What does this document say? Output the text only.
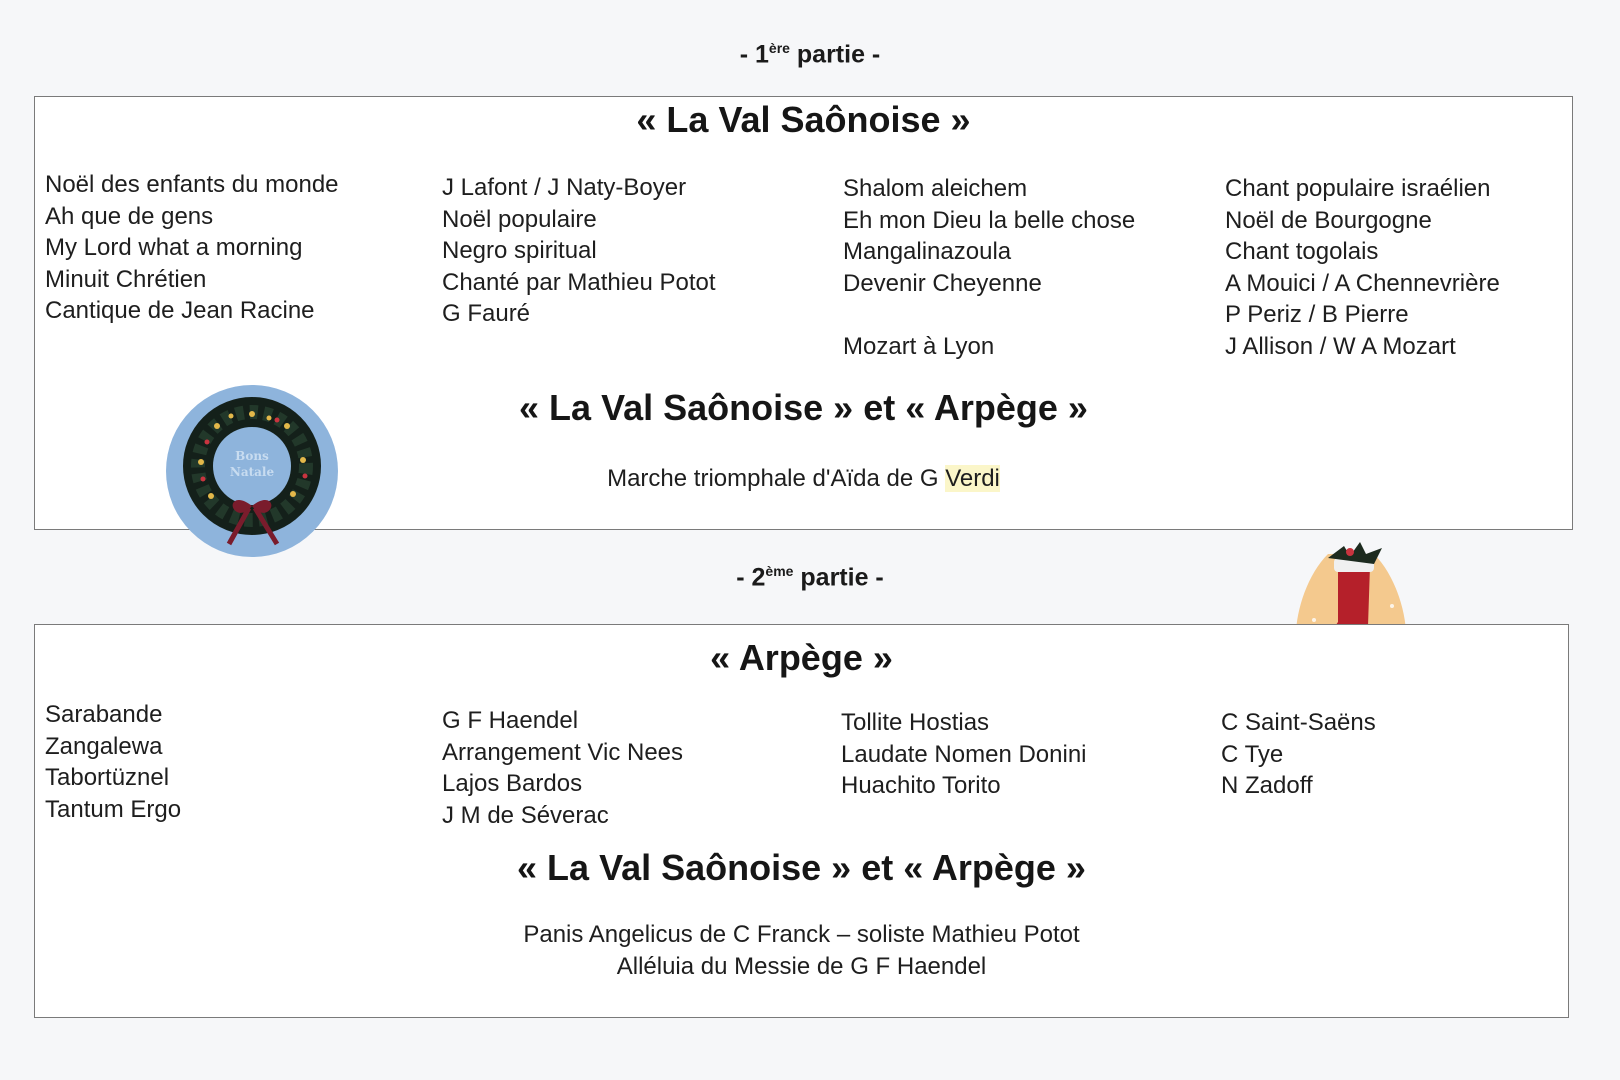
- 1ère partie -
« La Val Saônoise »
Noël des enfants du monde
Ah que de gens
My Lord what a morning
Minuit Chrétien
Cantique de Jean Racine
J Lafont / J Naty-Boyer
Noël populaire
Negro spiritual
Chanté par Mathieu Potot
G Fauré
Shalom aleichem
Eh mon Dieu la belle chose
Mangalinazoula
Devenir Cheyenne
Mozart à Lyon
Chant populaire israélien
Noël de Bourgogne
Chant togolais
A Mouici / A Chennevrière
P Periz / B Pierre
J Allison / W A Mozart
« La Val Saônoise » et « Arpège »
Marche triomphale d'Aïda de G Verdi
Bons
Natale
- 2ème partie -
« Arpège »
Sarabande
Zangalewa
Tabortüznel
Tantum Ergo
G F Haendel
Arrangement Vic Nees
Lajos Bardos
J M de Séverac
Tollite Hostias
Laudate Nomen Donini
Huachito Torito
C Saint-Saëns
C Tye
N Zadoff
« La Val Saônoise » et « Arpège »
Panis Angelicus de C Franck – soliste Mathieu Potot
Alléluia du Messie de G F Haendel
